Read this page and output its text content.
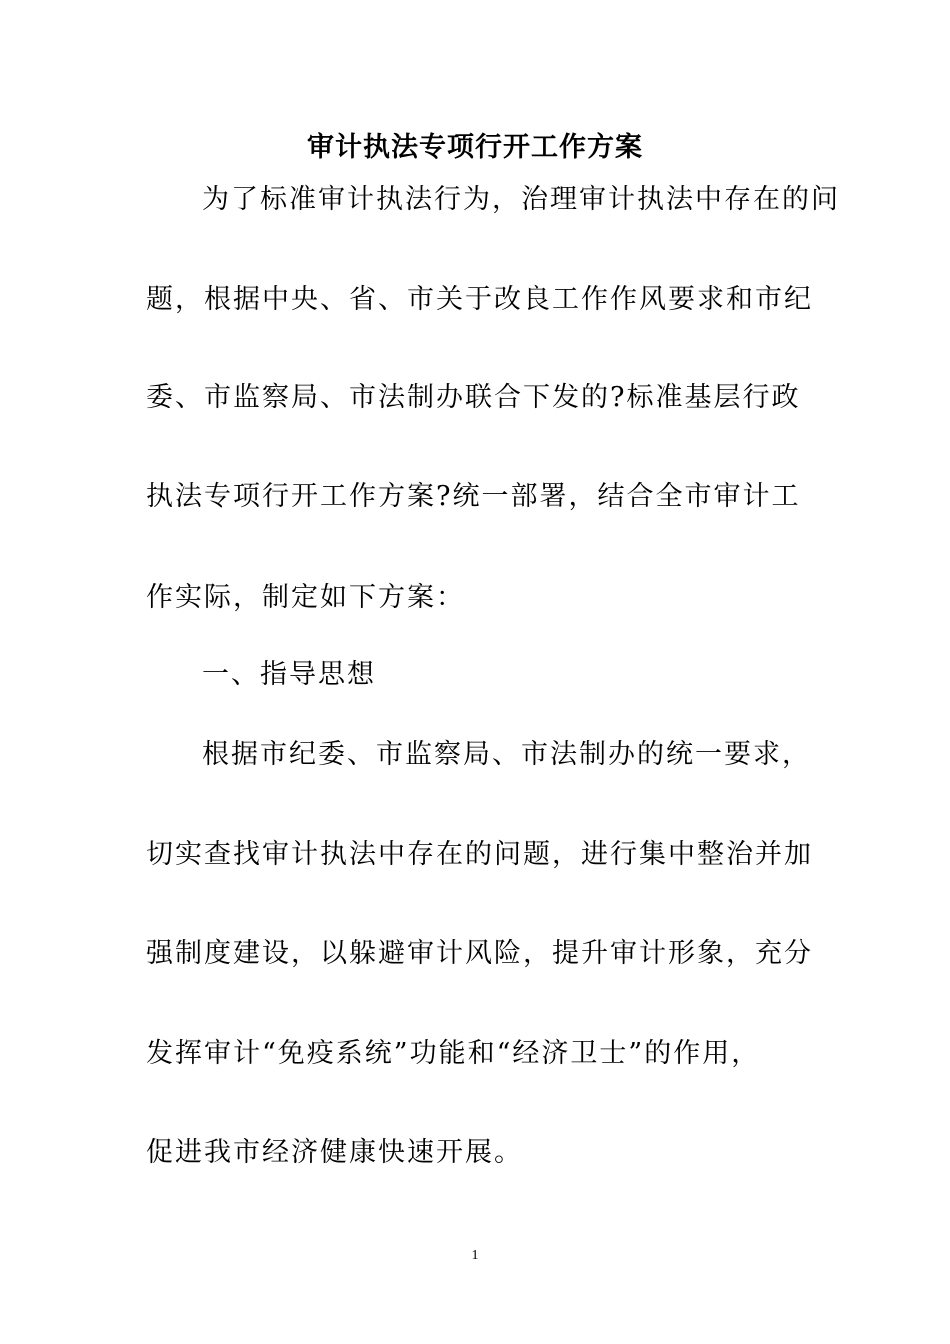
审计执法专项行开工作方案
为了标准审计执法行为，治理审计执法中存在的问
题，根据中央、省、市关于改良工作作风要求和市纪
委、市监察局、市法制办联合下发的?标准基层行政
执法专项行开工作方案?统一部署，结合全市审计工
作实际，制定如下方案：
一、指导思想
根据市纪委、市监察局、市法制办的统一要求，
切实查找审计执法中存在的问题，进行集中整治并加
强制度建设，以躲避审计风险，提升审计形象，充分
发挥审计“免疫系统”功能和“经济卫士”的作用，
促进我市经济健康快速开展。
1
